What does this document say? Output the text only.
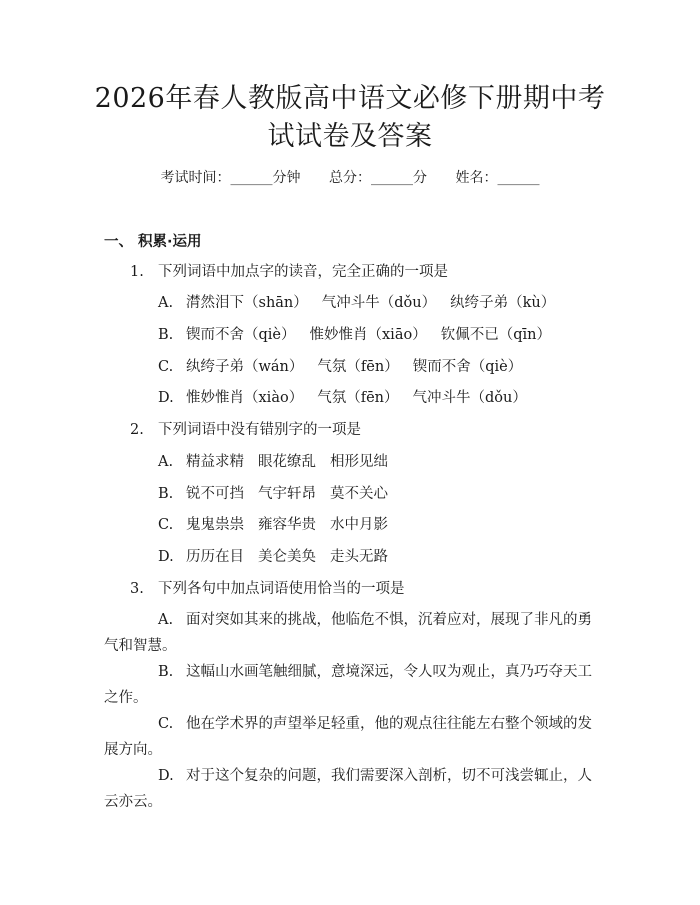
2026年春人教版高中语文必修下册期中考试试卷及答案
考试时间：______分钟 总分：______分 姓名：______
一、 积累·运用
1. 下列词语中加点字的读音，完全正确的一项是
A. 潸然泪下（shān） 气冲斗牛（dǒu） 纨绔子弟（kù）
B. 锲而不舍（qiè） 惟妙惟肖（xiāo） 钦佩不已（qīn）
C. 纨绔子弟（wán） 气氛（fēn） 锲而不舍（qiè）
D. 惟妙惟肖（xiào） 气氛（fēn） 气冲斗牛（dǒu）
2. 下列词语中没有错别字的一项是
A. 精益求精 眼花缭乱 相形见绌
B. 锐不可挡 气宇轩昂 莫不关心
C. 鬼鬼祟祟 雍容华贵 水中月影
D. 历历在目 美仑美奂 走头无路
3. 下列各句中加点词语使用恰当的一项是
A. 面对突如其来的挑战，他临危不惧，沉着应对，展现了非凡的勇气和智慧。
B. 这幅山水画笔触细腻，意境深远，令人叹为观止，真乃巧夺天工之作。
C. 他在学术界的声望举足轻重，他的观点往往能左右整个领域的发展方向。
D. 对于这个复杂的问题，我们需要深入剖析，切不可浅尝辄止，人云亦云。
